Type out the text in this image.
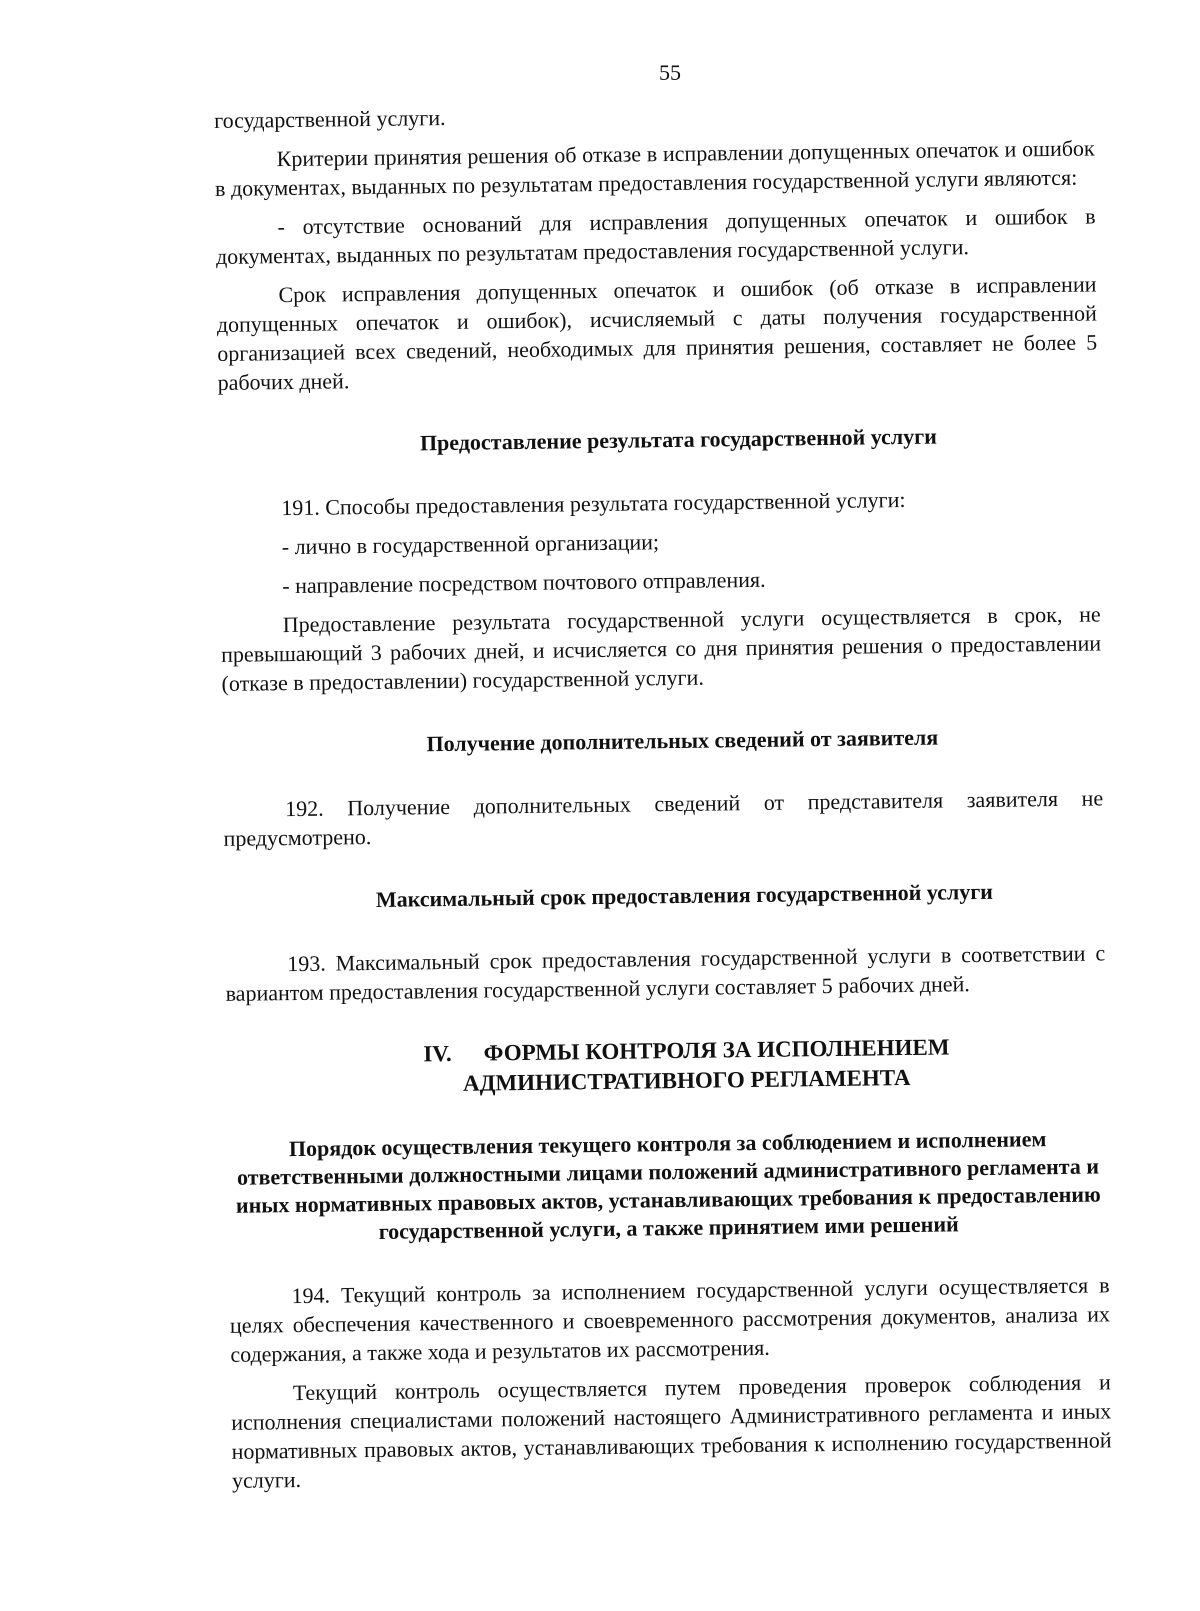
55

государственной услуги.

Критерии принятия решения об отказе в исправлении допущенных опечаток и ошибок в документах, выданных по результатам предоставления государственной услуги являются:

- отсутствие оснований для исправления допущенных опечаток и ошибок в документах, выданных по результатам предоставления государственной услуги.

Срок исправления допущенных опечаток и ошибок (об отказе в исправлении допущенных опечаток и ошибок), исчисляемый с даты получения государственной организацией всех сведений, необходимых для принятия решения, составляет не более 5 рабочих дней.

Предоставление результата государственной услуги

191. Способы предоставления результата государственной услуги:

- лично в государственной организации;

- направление посредством почтового отправления.

Предоставление результата государственной услуги осуществляется в срок, не превышающий 3 рабочих дней, и исчисляется со дня принятия решения о предоставлении (отказе в предоставлении) государственной услуги.

Получение дополнительных сведений от заявителя

192. Получение дополнительных сведений от представителя заявителя не предусмотрено.

Максимальный срок предоставления государственной услуги

193. Максимальный срок предоставления государственной услуги в соответствии с вариантом предоставления государственной услуги составляет 5 рабочих дней.

IV. ФОРМЫ КОНТРОЛЯ ЗА ИСПОЛНЕНИЕМ
АДМИНИСТРАТИВНОГО РЕГЛАМЕНТА
Порядок осуществления текущего контроля за соблюдением и исполнением ответственными должностными лицами положений административного регламента и иных нормативных правовых актов, устанавливающих требования к предоставлению государственной услуги, а также принятием ими решений

194. Текущий контроль за исполнением государственной услуги осуществляется в целях обеспечения качественного и своевременного рассмотрения документов, анализа их содержания, а также хода и результатов их рассмотрения.

Текущий контроль осуществляется путем проведения проверок соблюдения и исполнения специалистами положений настоящего Административного регламента и иных нормативных правовых актов, устанавливающих требования к исполнению государственной услуги.
